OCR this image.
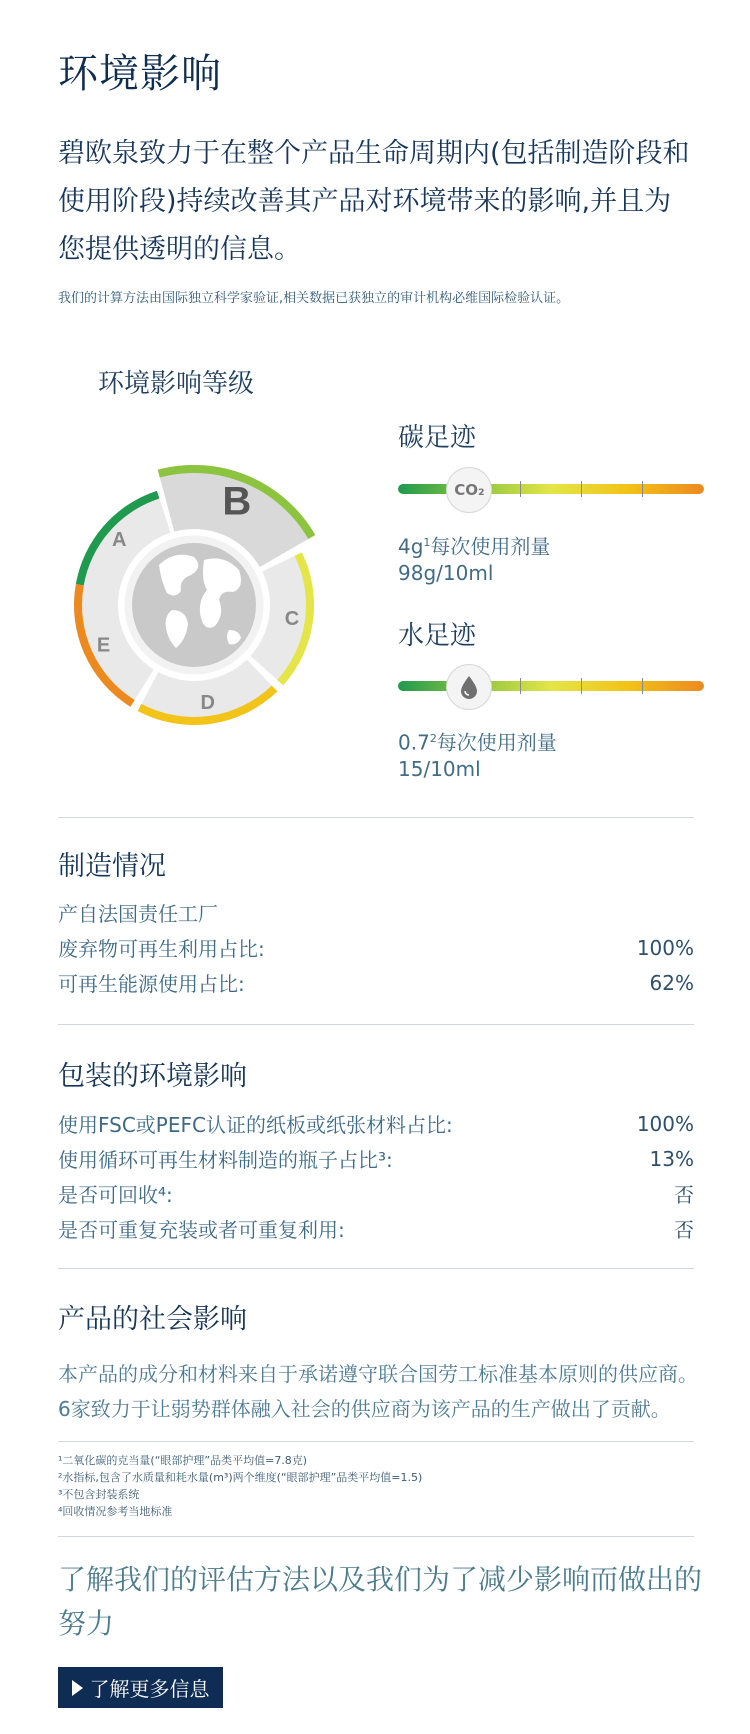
环境影响
碧欧泉致力于在整个产品生命周期内(包括制造阶段和使用阶段)持续改善其产品对环境带来的影响,并且为您提供透明的信息。
我们的计算方法由国际独立科学家验证,相关数据已获独立的审计机构必维国际检验认证。
环境影响等级
A
B
C
D
E
碳足迹
CO₂
$4g^1$每次使用剂量
98g/10ml
水足迹
$0.7^2$每次使用剂量
15/10ml
制造情况
产自法国责任工厂
废弃物可再生利用占比:	100%
可再生能源使用占比:	62%
包装的环境影响
使用FSC或PEFC认证的纸板或纸张材料占比:	100%
使用循环可再生材料制造的瓶子占比³:	13%
是否可回收⁴:	否
是否可重复充装或者可重复利用:	否
产品的社会影响
本产品的成分和材料来自于承诺遵守联合国劳工标准基本原则的供应商。6家致力于让弱势群体融入社会的供应商为该产品的生产做出了贡献。
¹二氧化碳的克当量(“眼部护理”品类平均值=7.8克)
²水指标,包含了水质量和耗水量(m³)两个维度(“眼部护理”品类平均值=1.5)
³不包含封装系统
⁴回收情况参考当地标准
了解我们的评估方法以及我们为了减少影响而做出的努力
了解更多信息
